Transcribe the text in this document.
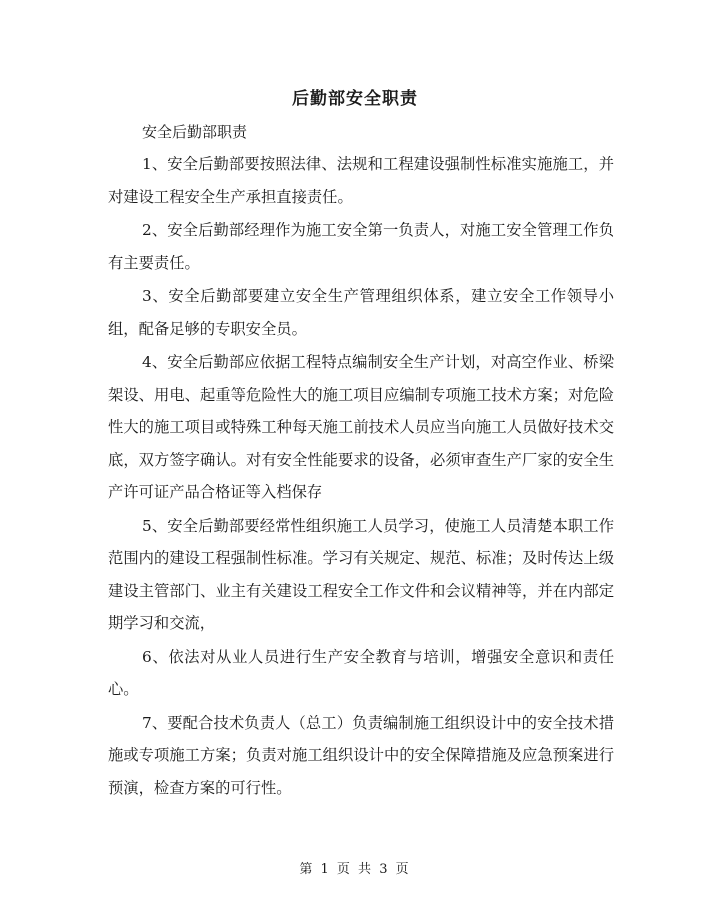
后勤部安全职责

安全后勤部职责

1、安全后勤部要按照法律、法规和工程建设强制性标准实施施工，并对建设工程安全生产承担直接责任。

2、安全后勤部经理作为施工安全第一负责人，对施工安全管理工作负有主要责任。

3、安全后勤部要建立安全生产管理组织体系，建立安全工作领导小组，配备足够的专职安全员。

4、安全后勤部应依据工程特点编制安全生产计划，对高空作业、桥梁架设、用电、起重等危险性大的施工项目应编制专项施工技术方案；对危险性大的施工项目或特殊工种每天施工前技术人员应当向施工人员做好技术交底，双方签字确认。对有安全性能要求的设备，必须审查生产厂家的安全生产许可证产品合格证等入档保存

5、安全后勤部要经常性组织施工人员学习，使施工人员清楚本职工作范围内的建设工程强制性标准。学习有关规定、规范、标准；及时传达上级建设主管部门、业主有关建设工程安全工作文件和会议精神等，并在内部定期学习和交流，

6、依法对从业人员进行生产安全教育与培训，增强安全意识和责任心。

7、要配合技术负责人（总工）负责编制施工组织设计中的安全技术措施或专项施工方案；负责对施工组织设计中的安全保障措施及应急预案进行预演，检查方案的可行性。

第 1 页 共 3 页
